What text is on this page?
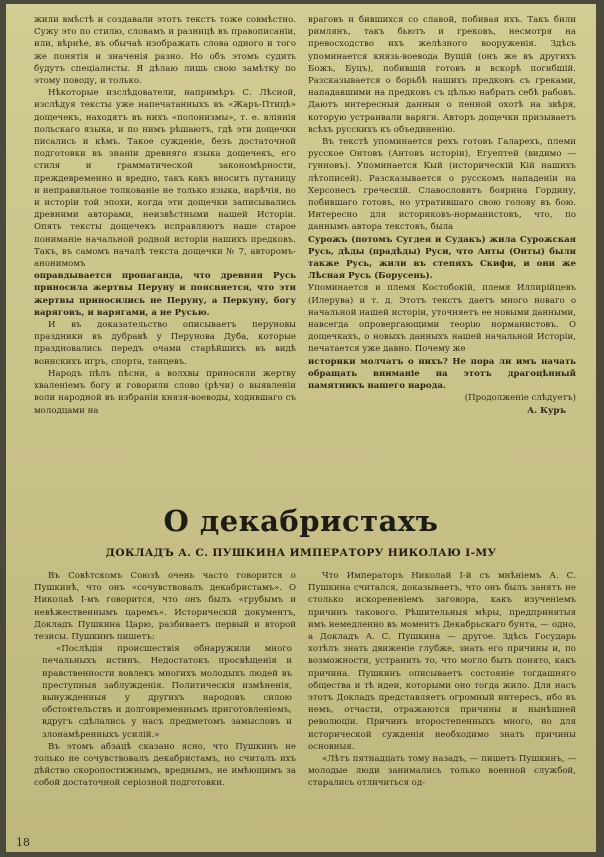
жили вмѣстѣ и создавали этотъ текстъ тоже совмѣстно. Сужу это по стилю, словамъ и разницѣ въ правописаніи, или, вѣрнѣе, въ обычаѣ изображать слова одного и того же понятія и значенія разно. Но объ этомъ судить будутъ спеціалисты. Я дѣлаю лишь свою замѣтку по этому поводу, и только.

Нѣкоторые изслѣдователи, напримѣръ С. Лѣсной, изслѣдуя тексты уже напечатанныхъ въ «Жаръ-Птицѣ» дощечекъ, находятъ въ нихъ «полонизмы», т. е. вліянія польскаго языка, и по нимъ рѣшаютъ, гдѣ эти дощечки писались и кѣмъ. Такое сужденіе, безъ достаточной подготовки въ знаніи древняго языка дощечекъ, его стиля и грамматической закономѣрности, преждевременно и вредно, такъ какъ вноситъ путаницу и неправильное толкованіе не только языка, нарѣчія, но и исторіи той эпохи, когда эти дощечки записывались древними авторами, неизвѣстными нашей Исторіи. Опять тексты дощечекъ исправляютъ наше старое пониманіе начальной родной исторіи нашихъ предковъ. Такъ, въ самомъ началѣ текста дощечки № 7, авторомъ-анонимомъ

оправдывается пропаганда, что древняя Русь приносила жертвы Перуну и поясняется, что эти жертвы приносились не Перуну, а Перкуну, богу варяговъ, и варягами, а не Русью.

И въ доказательство описываетъ перуновы праздники въ дубравѣ у Перунова Дуба, которые праздновались передъ очами старѣйшихъ въ видѣ воинскихъ игръ, спорта, танцевъ.

Народъ пѣлъ пѣсни, а волхвы приносили жертву хваленіемъ богу и говорили слово (рѣчи) о выявленіи воли народной въ избраніи князя-воеводы, ходившаго съ молодцами на

враговъ и бившихся со славой, побивая ихъ. Такъ били римлянъ, такъ бьютъ и грековъ, несмотря на превосходство ихъ желѣзного вооруженія. Здѣсь упоминается князь-воевода Вущій (онъ же въ другихъ Божъ, Буцъ), побившій готовъ и вскорѣ погибшій. Разсказывается о борьбѣ нашихъ предковъ съ греками, нападавшими на предковъ съ цѣлью набрать себѣ рабовъ. Даютъ интересныя данныя о пенной охотѣ на звѣря, которую устраивали варяги. Авторъ дощечки призываетъ всѣхъ русскихъ къ объединенію.

Въ текстѣ упоминается рехъ готовъ Галарехъ, племи русское Онтовъ (Антовъ исторіи), Егуептей (видимо — гунновъ). Упоминается Кый (историческій Кій нашихъ лѣтописей). Разсказывается о русскомъ нападеніи на Херсонесъ греческій. Славословитъ боярина Гордину, побившаго готовъ, но утратившаго свою голову въ бою. Интересно для историковъ-норманистовъ, что, по даннымъ автора текстовъ, была

Сурожъ (потомъ Сугдея и Судакъ) жила Сурожская Русь, дѣды (прадѣды) Руси, что Анты (Онты) были также Русь, жили въ степяхъ Скифи, и они же Лѣсная Русь (Борусень).

Упоминается и племя Костобокій, племя Иллирійцевъ (Илерува) и т. д. Этотъ текстъ даетъ много новаго о начальной нашей исторіи, уточняетъ ее новыми данными, навсегда опровергающими теорію норманистовъ. О дощечкахъ, о новыхъ данныхъ нашей начальной Исторіи, печатается уже давно. Почему же

историки молчатъ о нихъ? Не пора ли имъ начать обращать вниманіе на этотъ драгоцѣнный памятникъ нашего народа.

(Продолженіе слѣдуетъ)

А. Куръ

О декабристахъ
ДОКЛАДЪ А. С. ПУШКИНА ИМПЕРАТОРУ НИКОЛАЮ I-МУ

Въ Совѣтскомъ Союзѣ очень часто говорится о Пушкинѣ, что онъ «сочувствовалъ декабристамъ». О Николаѣ I-мъ говорится, что онъ былъ «грубымъ и невѣжественнымъ царемъ». Историческій документъ, Докладъ Пушкина Царю, разбиваетъ первый и второй тезисы. Пушкинъ пишетъ:

«Послѣдія происшествія обнаружили много печальныхъ истинъ. Недостатокъ просвѣщенія и нравственности вовлекъ многихъ молодыхъ людей въ преступныя заблужденія. Политическія измѣненія, вынужденныя у другихъ народовъ силою обстоятельствъ и долговременнымъ приготовленіемъ, вдругъ сдѣлались у насъ предметомъ замысловъ и злонамѣренныхъ усилій.»

Въ этомъ абзацѣ сказано ясно, что Пушкинъ не только не сочувствовалъ декабристамъ, но считалъ ихъ дѣйство скоропостижнымъ, вреднымъ, не имѣющимъ за собой достаточной серіозной подготовки.

Что Императоръ Николай I-й съ мнѣніемъ А. С. Пушкина считался, доказываетъ, что онъ былъ занятъ не столько искорененіемъ заговора, какъ изученіемъ причинъ такового. Рѣшительныя мѣры, предпринятыя имъ немедленно въ моментъ Декабрьскаго бунта, — одно, а Докладъ А. С. Пушкина — другое. Здѣсь Государь хотѣлъ знать движеніе глубже, знать его причины и, по возможности, устранить то, что могло быть понято, какъ причина. Пушкинъ описываетъ состояніе тогдашняго общества и тѣ идеи, которыми оно тогда жило. Для насъ этотъ Докладъ представляетъ огромный интересъ, ибо въ немъ, отчасти, отражаются причины и нынѣшней революціи. Причинъ второстепенныхъ много, но для исторической сужденія необходимо знать причины основныя.

«Лѣтъ пятнадцать тому назадъ, — пишетъ Пушкинъ, — молодые люди занимались только военной службой, старались отличиться од-

18
